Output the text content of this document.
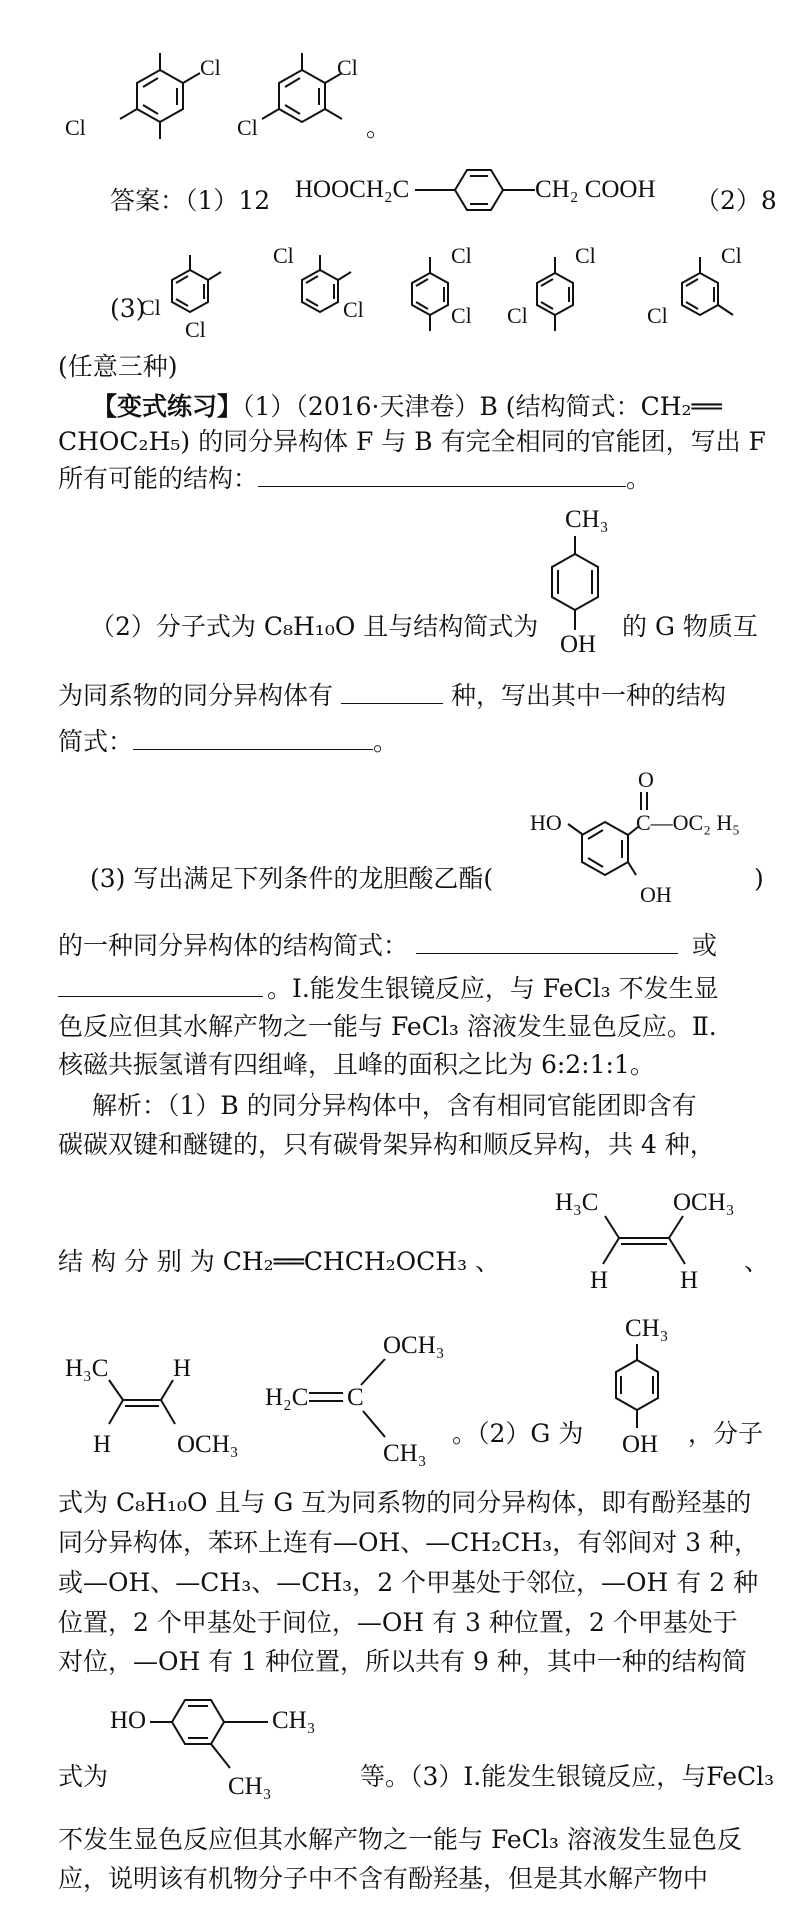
Cl
Cl
Cl
Cl	。
答案：（1）12 HOOCH₂C	CH₂ COOH （2）8
(3)
Cl
Cl
Cl
Cl
Cl
Cl
Cl
Cl
Cl
Cl
(任意三种)
【变式练习】（1）（2016·天津卷）B (结构简式：CH₂══
CHOC₂H₅) 的同分异构体 F 与 B 有完全相同的官能团，写出 F
所有可能的结构：	。
CH₃
OH
（2）分子式为 C₈H₁₀O 且与结构简式为	的 G 物质互
为同系物的同分异构体有	种，写出其中一种的结构
简式：	。
O
C—OC₂ H₅
HO
OH
(3) 写出满足下列条件的龙胆酸乙酯(	)
的一种同分异构体的结构简式：	或
。Ⅰ.能发生银镜反应，与 FeCl₃ 不发生显
色反应但其水解产物之一能与 FeCl₃ 溶液发生显色反应。Ⅱ.
核磁共振氢谱有四组峰，且峰的面积之比为 6:2:1:1。
解析：（1）B 的同分异构体中，含有相同官能团即含有
碳碳双键和醚键的，只有碳骨架异构和顺反异构，共 4 种，
结 构 分 别 为 CH₂══CHCH₂OCH₃ 、
H₃C	OCH₃
H	H
、
H₃C	H
H	OCH₃
OCH₃
H₂C C
CH₃
。（2）G 为
CH₃
OH ，分子
式为 C₈H₁₀O 且与 G 互为同系物的同分异构体，即有酚羟基的
同分异构体，苯环上连有—OH、—CH₂CH₃，有邻间对 3 种，
或—OH、—CH₃、—CH₃，2 个甲基处于邻位，—OH 有 2 种
位置，2 个甲基处于间位，—OH 有 3 种位置，2 个甲基处于
对位，—OH 有 1 种位置，所以共有 9 种，其中一种的结构简
HO	CH₃
CH₃
式为	等。（3）Ⅰ.能发生银镜反应，与FeCl₃
不发生显色反应但其水解产物之一能与 FeCl₃ 溶液发生显色反
应，说明该有机物分子中不含有酚羟基，但是其水解产物中
